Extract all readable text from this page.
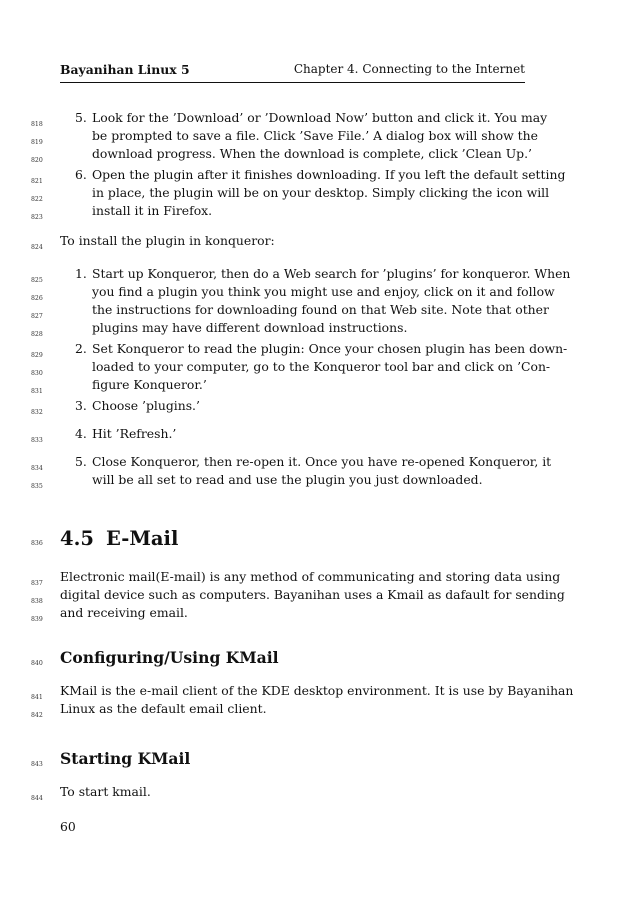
Bayanihan Linux 5	Chapter 4. Connecting to the Internet
818
819
820
5. Look for the ’Download’ or ’Download Now’ button and click it. You may
be prompted to save a file. Click ’Save File.’ A dialog box will show the
download progress. When the download is complete, click ’Clean Up.’
821
822
823
6. Open the plugin after it finishes downloading. If you left the default setting
in place, the plugin will be on your desktop. Simply clicking the icon will
install it in Firefox.
824	To install the plugin in konqueror:
825
826
827
828
1. Start up Konqueror, then do a Web search for ’plugins’ for konqueror. When
you find a plugin you think you might use and enjoy, click on it and follow
the instructions for downloading found on that Web site. Note that other
plugins may have different download instructions.
829
830
831
2. Set Konqueror to read the plugin: Once your chosen plugin has been down-
loaded to your computer, go to the Konqueror tool bar and click on ’Con-
figure Konqueror.’
832	3. Choose ’plugins.’
833	4. Hit ’Refresh.’
834
835
5. Close Konqueror, then re-open it. Once you have re-opened Konqueror, it
will be all set to read and use the plugin you just downloaded.
836 4.5 E-Mail
837
838
839
Electronic mail(E-mail) is any method of communicating and storing data using
digital device such as computers. Bayanihan uses a Kmail as dafault for sending
and receiving email.
840 Configuring/Using KMail
841
842
KMail is the e-mail client of the KDE desktop environment. It is use by Bayanihan
Linux as the default email client.
843 Starting KMail
844	To start kmail.
60
